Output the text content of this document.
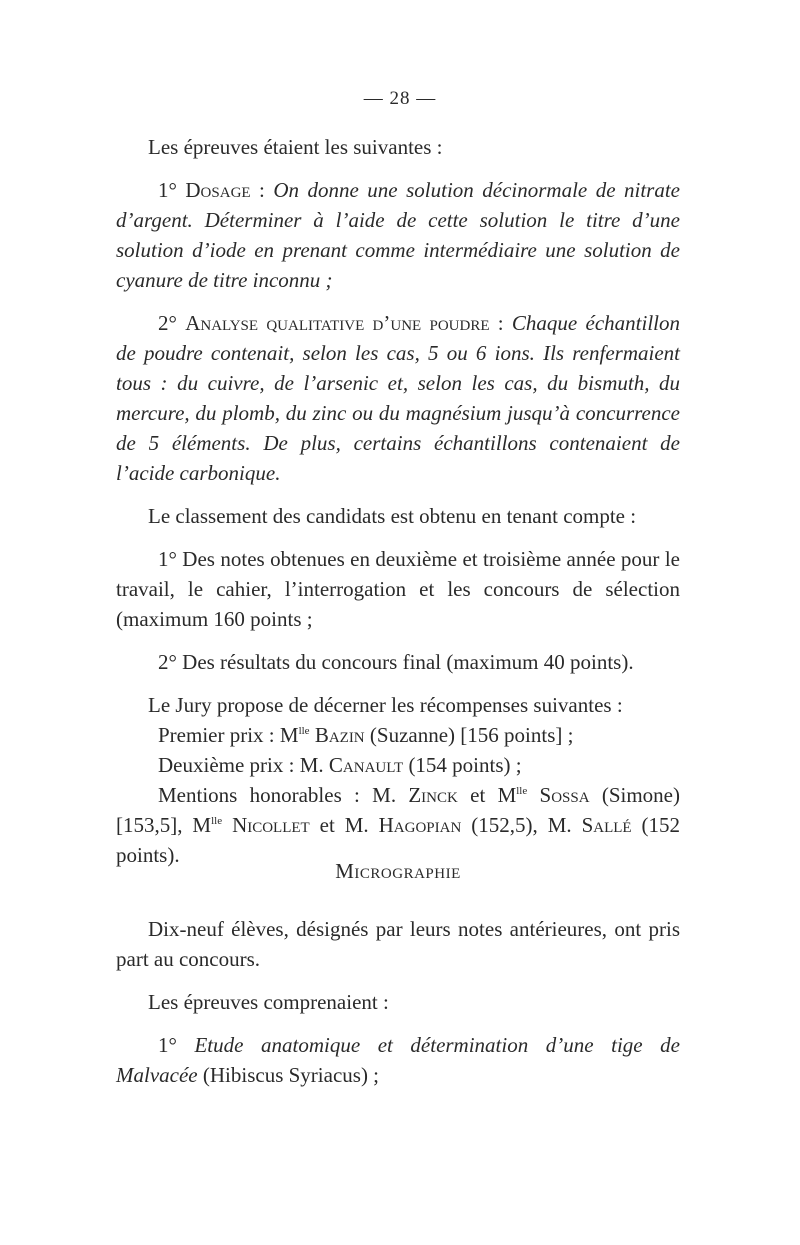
— 28 —

Les épreuves étaient les suivantes :

1° Dosage : On donne une solution décinormale de nitrate d’argent. Déterminer à l’aide de cette solution le titre d’une solution d’iode en prenant comme intermédiaire une solution de cyanure de titre inconnu ;

2° Analyse qualitative d’une poudre : Chaque échantillon de poudre contenait, selon les cas, 5 ou 6 ions. Ils renfermaient tous : du cuivre, de l’arsenic et, selon les cas, du bismuth, du mercure, du plomb, du zinc ou du magnésium jusqu’à concurrence de 5 éléments. De plus, certains échantillons contenaient de l’acide carbonique.

Le classement des candidats est obtenu en tenant compte :

1° Des notes obtenues en deuxième et troisième année pour le travail, le cahier, l’interrogation et les concours de sélection (maximum 160 points ;

2° Des résultats du concours final (maximum 40 points).

Le Jury propose de décerner les récompenses suivantes :

Premier prix : $M^{lle}$ Bazin (Suzanne) [156 points] ;

Deuxième prix : M. Canault (154 points) ;

Mentions honorables : M. Zinck et $M^{lle}$ Sossa (Simone) [153,5], $M^{lle}$ Nicollet et M. Hagopian (152,5), M. Sallé (152 points).

Micrographie

Dix-neuf élèves, désignés par leurs notes antérieures, ont pris part au concours.

Les épreuves comprenaient :

1° Etude anatomique et détermination d’une tige de Malvacée (Hibiscus Syriacus) ;
